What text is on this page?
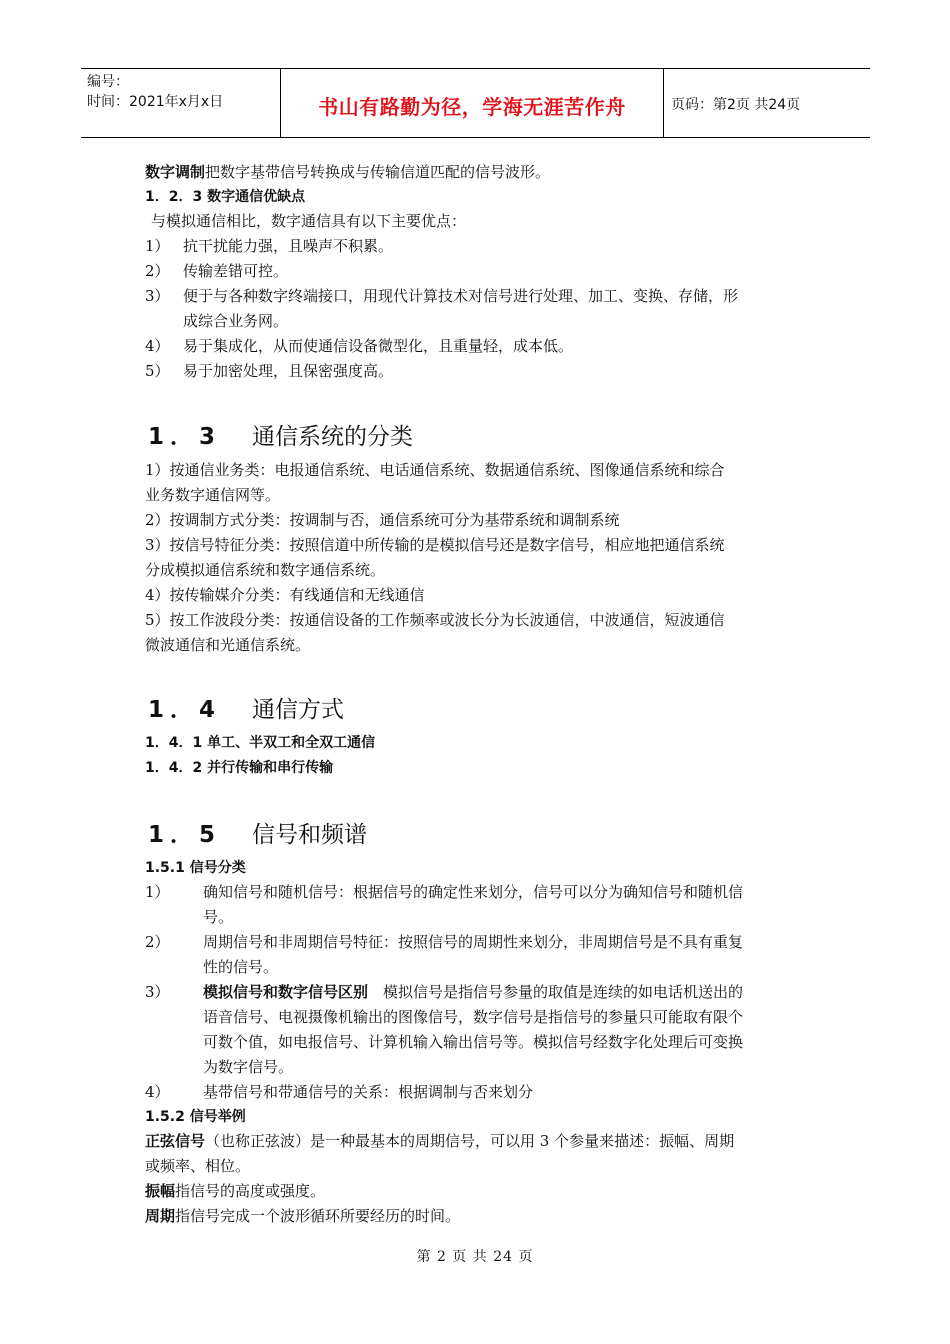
编号：
时间：2021年x月x日	书山有路勤为径，学海无涯苦作舟	页码：第2页 共24页
数字调制把数字基带信号转换成与传输信道匹配的信号波形。
1．2．3 数字通信优缺点
与模拟通信相比，数字通信具有以下主要优点：
1） 抗干扰能力强，且噪声不积累。
2） 传输差错可控。
3） 便于与各种数字终端接口，用现代计算技术对信号进行处理、加工、变换、存储，形
成综合业务网。
4） 易于集成化，从而使通信设备微型化，且重量轻，成本低。
5） 易于加密处理，且保密强度高。
1．3 通信系统的分类
1）按通信业务类：电报通信系统、电话通信系统、数据通信系统、图像通信系统和综合
业务数字通信网等。
2）按调制方式分类：按调制与否，通信系统可分为基带系统和调制系统
3）按信号特征分类：按照信道中所传输的是模拟信号还是数字信号，相应地把通信系统
分成模拟通信系统和数字通信系统。
4）按传输媒介分类：有线通信和无线通信
5）按工作波段分类：按通信设备的工作频率或波长分为长波通信，中波通信，短波通信
微波通信和光通信系统。
1．4 通信方式
1．4．1 单工、半双工和全双工通信
1．4．2 并行传输和串行传输
1．5 信号和频谱
1.5.1 信号分类
1） 确知信号和随机信号：根据信号的确定性来划分，信号可以分为确知信号和随机信
号。
2） 周期信号和非周期信号特征：按照信号的周期性来划分，非周期信号是不具有重复
性的信号。
3） 模拟信号和数字信号区别　模拟信号是指信号参量的取值是连续的如电话机送出的
语音信号、电视摄像机输出的图像信号，数字信号是指信号的参量只可能取有限个
可数个值，如电报信号、计算机输入输出信号等。模拟信号经数字化处理后可变换
为数字信号。
4） 基带信号和带通信号的关系：根据调制与否来划分
1.5.2 信号举例
正弦信号（也称正弦波）是一种最基本的周期信号，可以用 3 个参量来描述：振幅、周期
或频率、相位。
振幅指信号的高度或强度。
周期指信号完成一个波形循环所要经历的时间。
第 2 页 共 24 页
